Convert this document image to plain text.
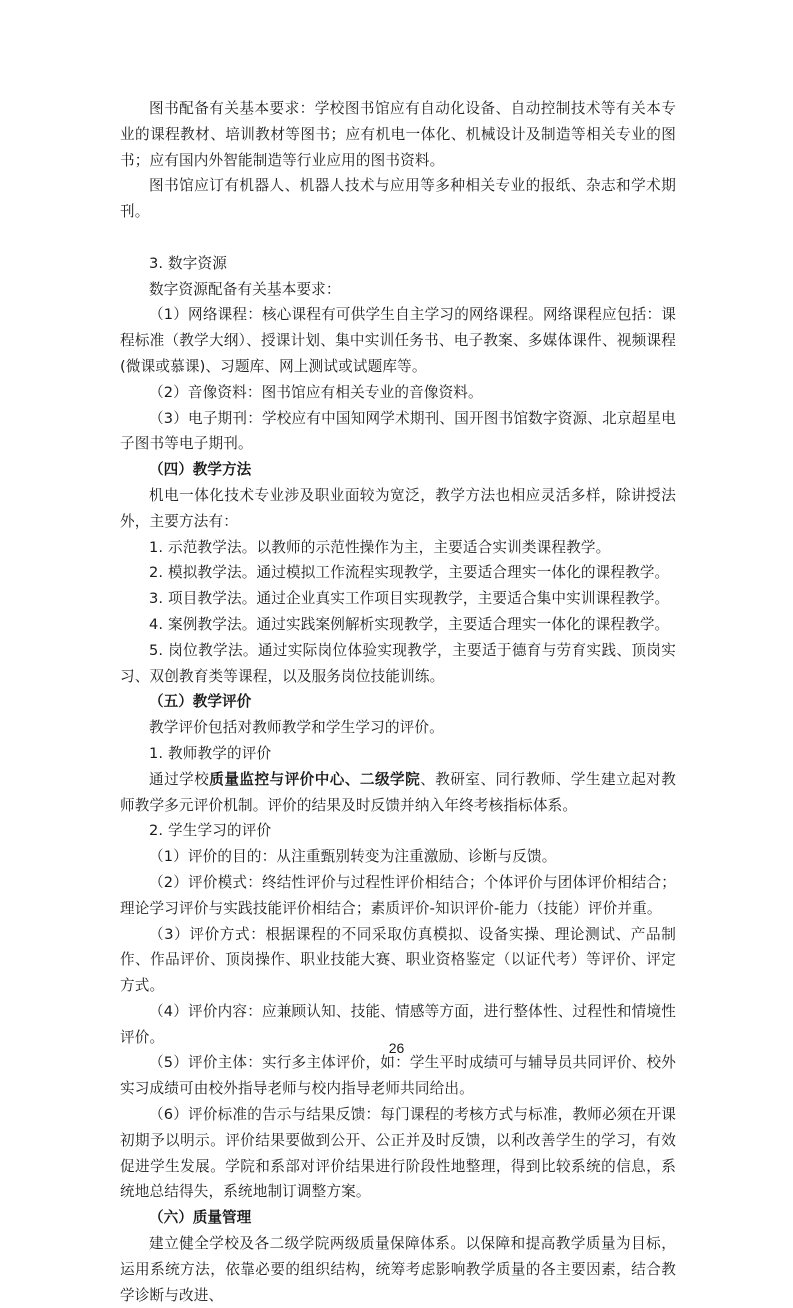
图书配备有关基本要求：学校图书馆应有自动化设备、自动控制技术等有关本专业的课程教材、培训教材等图书；应有机电一体化、机械设计及制造等相关专业的图书；应有国内外智能制造等行业应用的图书资料。

图书馆应订有机器人、机器人技术与应用等多种相关专业的报纸、杂志和学术期刊。

3. 数字资源

数字资源配备有关基本要求：

（1）网络课程：核心课程有可供学生自主学习的网络课程。网络课程应包括：课程标准（教学大纲）、授课计划、集中实训任务书、电子教案、多媒体课件、视频课程(微课或慕课)、习题库、网上测试或试题库等。

（2）音像资料：图书馆应有相关专业的音像资料。

（3）电子期刊：学校应有中国知网学术期刊、国开图书馆数字资源、北京超星电子图书等电子期刊。

（四）教学方法

机电一体化技术专业涉及职业面较为宽泛，教学方法也相应灵活多样，除讲授法外，主要方法有：

1. 示范教学法。以教师的示范性操作为主，主要适合实训类课程教学。

2. 模拟教学法。通过模拟工作流程实现教学，主要适合理实一体化的课程教学。

3. 项目教学法。通过企业真实工作项目实现教学，主要适合集中实训课程教学。

4. 案例教学法。通过实践案例解析实现教学，主要适合理实一体化的课程教学。

5. 岗位教学法。通过实际岗位体验实现教学，主要适于德育与劳育实践、顶岗实习、双创教育类等课程，以及服务岗位技能训练。

（五）教学评价

教学评价包括对教师教学和学生学习的评价。

1. 教师教学的评价

通过学校质量监控与评价中心、二级学院、教研室、同行教师、学生建立起对教师教学多元评价机制。评价的结果及时反馈并纳入年终考核指标体系。

2. 学生学习的评价

（1）评价的目的：从注重甄别转变为注重激励、诊断与反馈。

（2）评价模式：终结性评价与过程性评价相结合；个体评价与团体评价相结合；理论学习评价与实践技能评价相结合；素质评价-知识评价-能力（技能）评价并重。

（3）评价方式：根据课程的不同采取仿真模拟、设备实操、理论测试、产品制作、作品评价、顶岗操作、职业技能大赛、职业资格鉴定（以证代考）等评价、评定方式。

（4）评价内容：应兼顾认知、技能、情感等方面，进行整体性、过程性和情境性评价。

（5）评价主体：实行多主体评价，如：学生平时成绩可与辅导员共同评价、校外实习成绩可由校外指导老师与校内指导老师共同给出。

（6）评价标准的告示与结果反馈：每门课程的考核方式与标准，教师必须在开课初期予以明示。评价结果要做到公开、公正并及时反馈，以利改善学生的学习，有效促进学生发展。学院和系部对评价结果进行阶段性地整理，得到比较系统的信息，系统地总结得失，系统地制订调整方案。

（六）质量管理

建立健全学校及各二级学院两级质量保障体系。以保障和提高教学质量为目标，运用系统方法，依靠必要的组织结构，统筹考虑影响教学质量的各主要因素，结合教学诊断与改进、

26
